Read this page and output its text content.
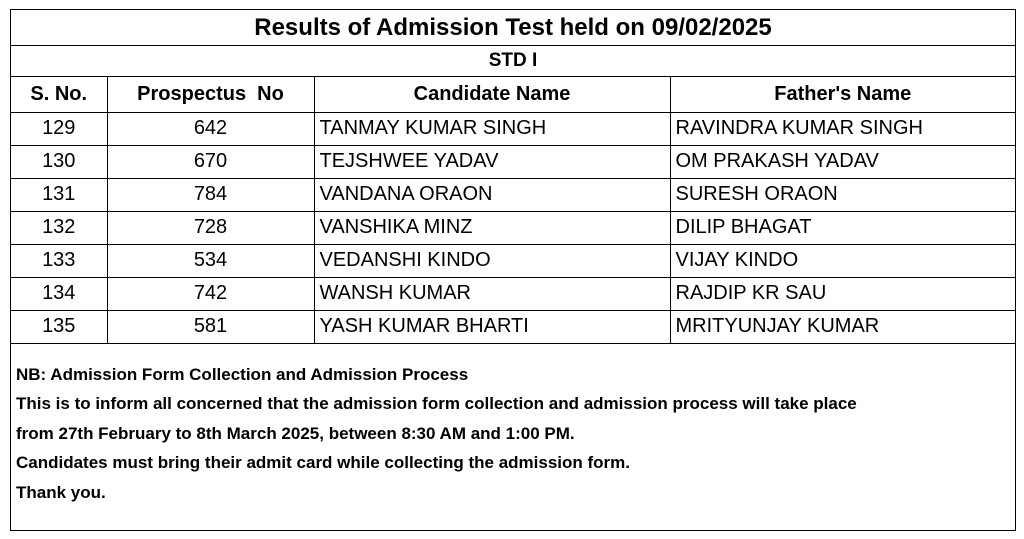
Results of Admission Test held on 09/02/2025
STD I
S. No.	Prospectus  No	Candidate Name	Father's Name
129	642	TANMAY KUMAR SINGH	RAVINDRA KUMAR SINGH
130	670	TEJSHWEE YADAV	OM PRAKASH YADAV
131	784	VANDANA ORAON	SURESH ORAON
132	728	VANSHIKA MINZ	DILIP BHAGAT
133	534	VEDANSHI KINDO	VIJAY KINDO
134	742	WANSH KUMAR	RAJDIP KR SAU
135	581	YASH KUMAR BHARTI	MRITYUNJAY KUMAR
NB: Admission Form Collection and Admission Process
This is to inform all concerned that the admission form collection and admission process will take place
from 27th February to 8th March 2025, between 8:30 AM and 1:00 PM.
Candidates must bring their admit card while collecting the admission form.
Thank you.
